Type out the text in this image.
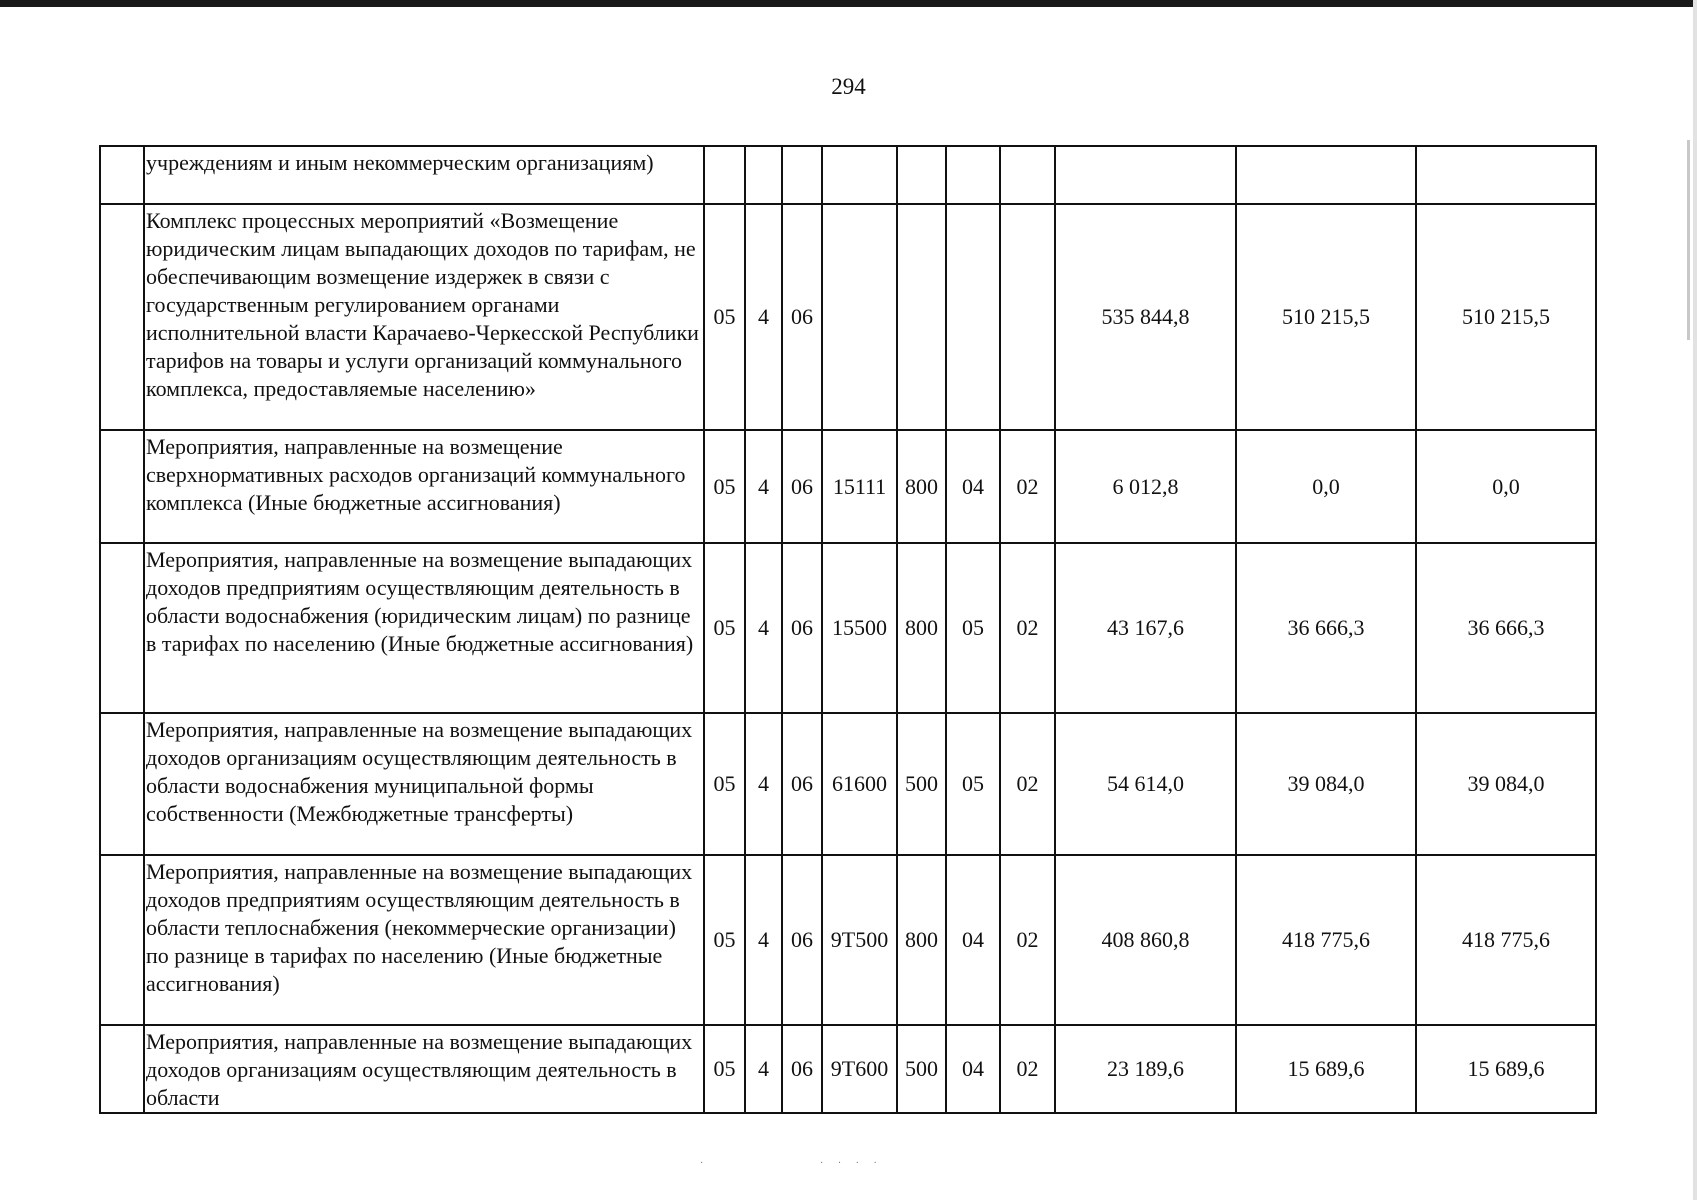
294
	учреждениям и иным некоммерческим организациям)										
	Комплекс процессных мероприятий «Возмещение юридическим лицам выпадающих доходов по тарифам, не обеспечивающим возмещение издержек в связи с государственным регулированием органами исполнительной власти Карачаево-Черкесской Республики тарифов на товары и услуги организаций коммунального комплекса, предоставляемые населению»	05	4	06					535 844,8	510 215,5	510 215,5
	Мероприятия, направленные на возмещение сверхнормативных расходов организаций коммунального комплекса (Иные бюджетные ассигнования)	05	4	06	15111	800	04	02	6 012,8	0,0	0,0
	Мероприятия, направленные на возмещение выпадающих доходов предприятиям осуществляющим деятельность в области водоснабжения (юридическим лицам) по разнице в тарифах по населению (Иные бюджетные ассигнования)	05	4	06	15500	800	05	02	43 167,6	36 666,3	36 666,3
	Мероприятия, направленные на возмещение выпадающих доходов организациям осуществляющим деятельность в области водоснабжения муниципальной формы собственности (Межбюджетные трансферты)	05	4	06	61600	500	05	02	54 614,0	39 084,0	39 084,0
	Мероприятия, направленные на возмещение выпадающих доходов предприятиям осуществляющим деятельность в области теплоснабжения (некоммерческие организации) по разнице в тарифах по населению (Иные бюджетные ассигнования)	05	4	06	9Т500	800	04	02	408 860,8	418 775,6	418 775,6
	Мероприятия, направленные на возмещение выпадающих доходов организациям осуществляющим деятельность в области	05	4	06	9Т600	500	04	02	23 189,6	15 689,6	15 689,6
·	· · · ·
